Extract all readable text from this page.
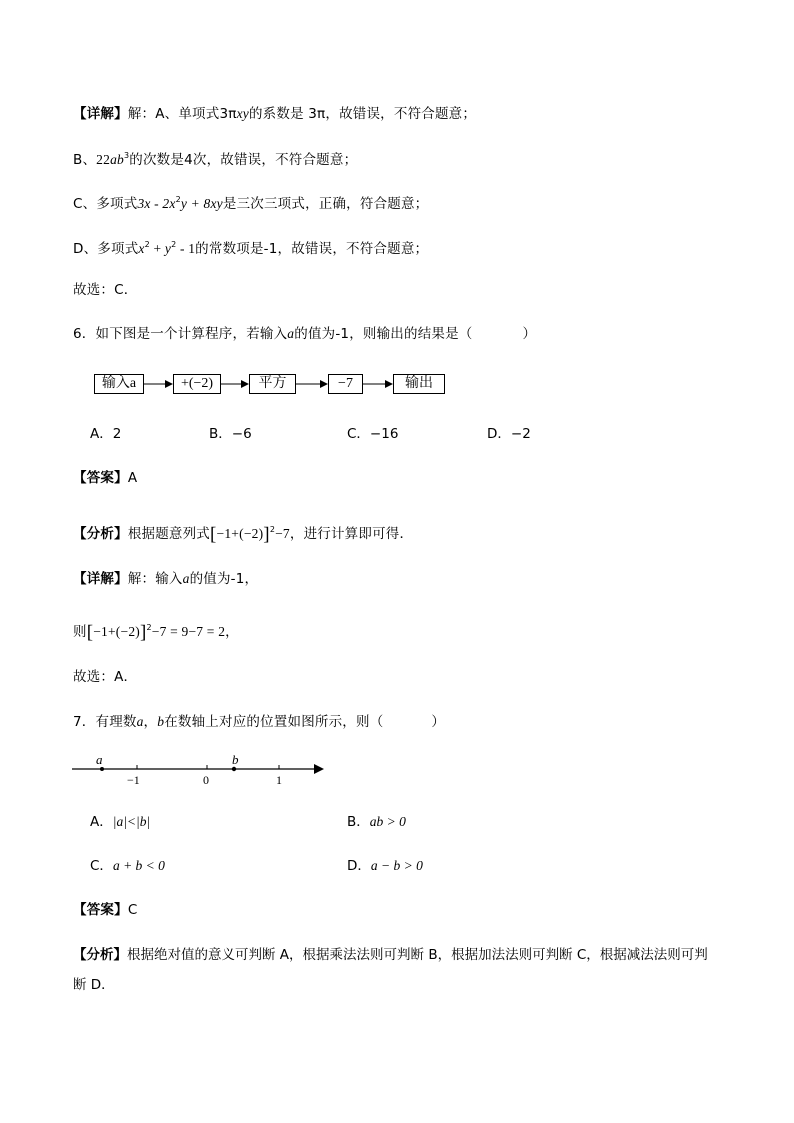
【详解】解：A、单项式3πxy的系数是 3π，故错误，不符合题意；
B、$22ab^3$的次数是4次，故错误，不符合题意；
C、多项式$3x - 2x^2y + 8xy$是三次三项式，正确，符合题意；
D、多项式$x^2 + y^2 - 1$的常数项是-1，故错误，不符合题意；
故选：C．
6．如下图是一个计算程序，若输入a的值为-1，则输出的结果是（	）
输入a	+(−2)	平方	−7	输出
A．2	B．−6	C．−16	D．−2
【答案】A
【分析】根据题意列式$[-1+(-2)]^2-7$，进行计算即可得．
【详解】解：输入a的值为-1，
则$[-1+(-2)]^2-7 = 9-7 = 2$，
故选：A．
7．有理数a，b在数轴上对应的位置如图所示，则（	）
a	b
−1	0	1
A．|a|<|b|	B．ab > 0
C．a + b < 0	D．a − b > 0
【答案】C
【分析】根据绝对值的意义可判断 A，根据乘法法则可判断 B，根据加法法则可判断 C，根据减法法则可判
断 D．
